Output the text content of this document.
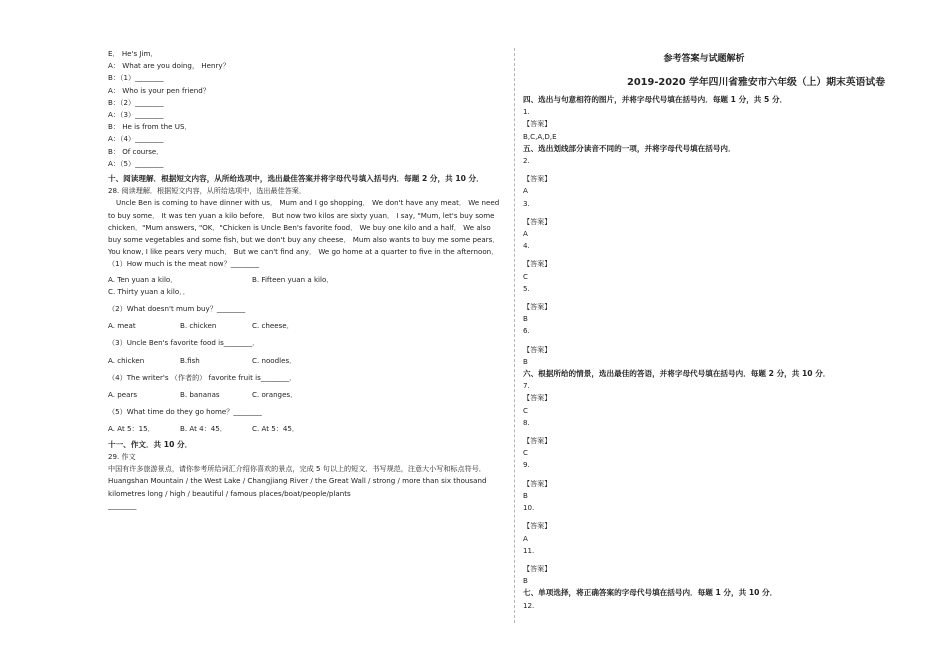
E． He's Jim．
A： What are you doing， Henry？
B：（1）________
A： Who is your pen friend？
B：（2）________
A：（3）________
B： He is from the US．
A：（4）________
B： Of course．
A：（5）________
十、阅读理解．根据短文内容，从所给选项中，选出最佳答案并将字母代号填入括号内．每题 2 分，共 10 分．
28. 阅读理解．根据短文内容，从所给选项中，选出最佳答案．
Uncle Ben is coming to have dinner with us． Mum and I go shopping． We don't have any meat． We need to buy some． It was ten yuan a kilo before． But now two kilos are sixty yuan． I say, "Mum, let's buy some chicken．"Mum answers, "OK．"Chicken is Uncle Ben's favorite food． We buy one kilo and a half． We also buy some vegetables and some fish, but we don't buy any cheese． Mum also wants to buy me some pears． You know, I like pears very much． But we can't find any． We go home at a quarter to five in the afternoon．
（1）How much is the meat now？________
A. Ten yuan a kilo．	B. Fifteen yuan a kilo．
C. Thirty yuan a kilo．．
（2）What doesn't mum buy？________
A. meat	B. chicken	C. cheese．
（3）Uncle Ben's favorite food is________．
A. chicken	B.fish	C. noodles．
（4）The writer's （作者的） favorite fruit is________．
A. pears	B. bananas	C. oranges．
（5）What time do they go home？________
A. At 5：15．	B. At 4：45．	C. At 5：45．
十一、作文．共 10 分．
29. 作文
中国有许多旅游景点，请你参考所给词汇介绍你喜欢的景点，完成 5 句以上的短文．书写规范，注意大小写和标点符号．
Huangshan Mountain / the West Lake / Changjiang River / the Great Wall / strong / more than six thousand kilometres long / high / beautiful / famous places/boat/people/plants
________
参考答案与试题解析
2019-2020 学年四川省雅安市六年级（上）期末英语试卷
四、选出与句意相符的图片，并将字母代号填在括号内．每题 1 分，共 5 分．
1.
【答案】
B,C,A,D,E
五、选出划线部分读音不同的一项，并将字母代号填在括号内．
2.
【答案】
A
3.
【答案】
A
4.
【答案】
C
5.
【答案】
B
6.
【答案】
B
六、根据所给的情景，选出最佳的答语，并将字母代号填在括号内．每题 2 分，共 10 分．
7.
【答案】
C
8.
【答案】
C
9.
【答案】
B
10.
【答案】
A
11.
【答案】
B
七、单项选择，将正确答案的字母代号填在括号内．每题 1 分，共 10 分．
12.
